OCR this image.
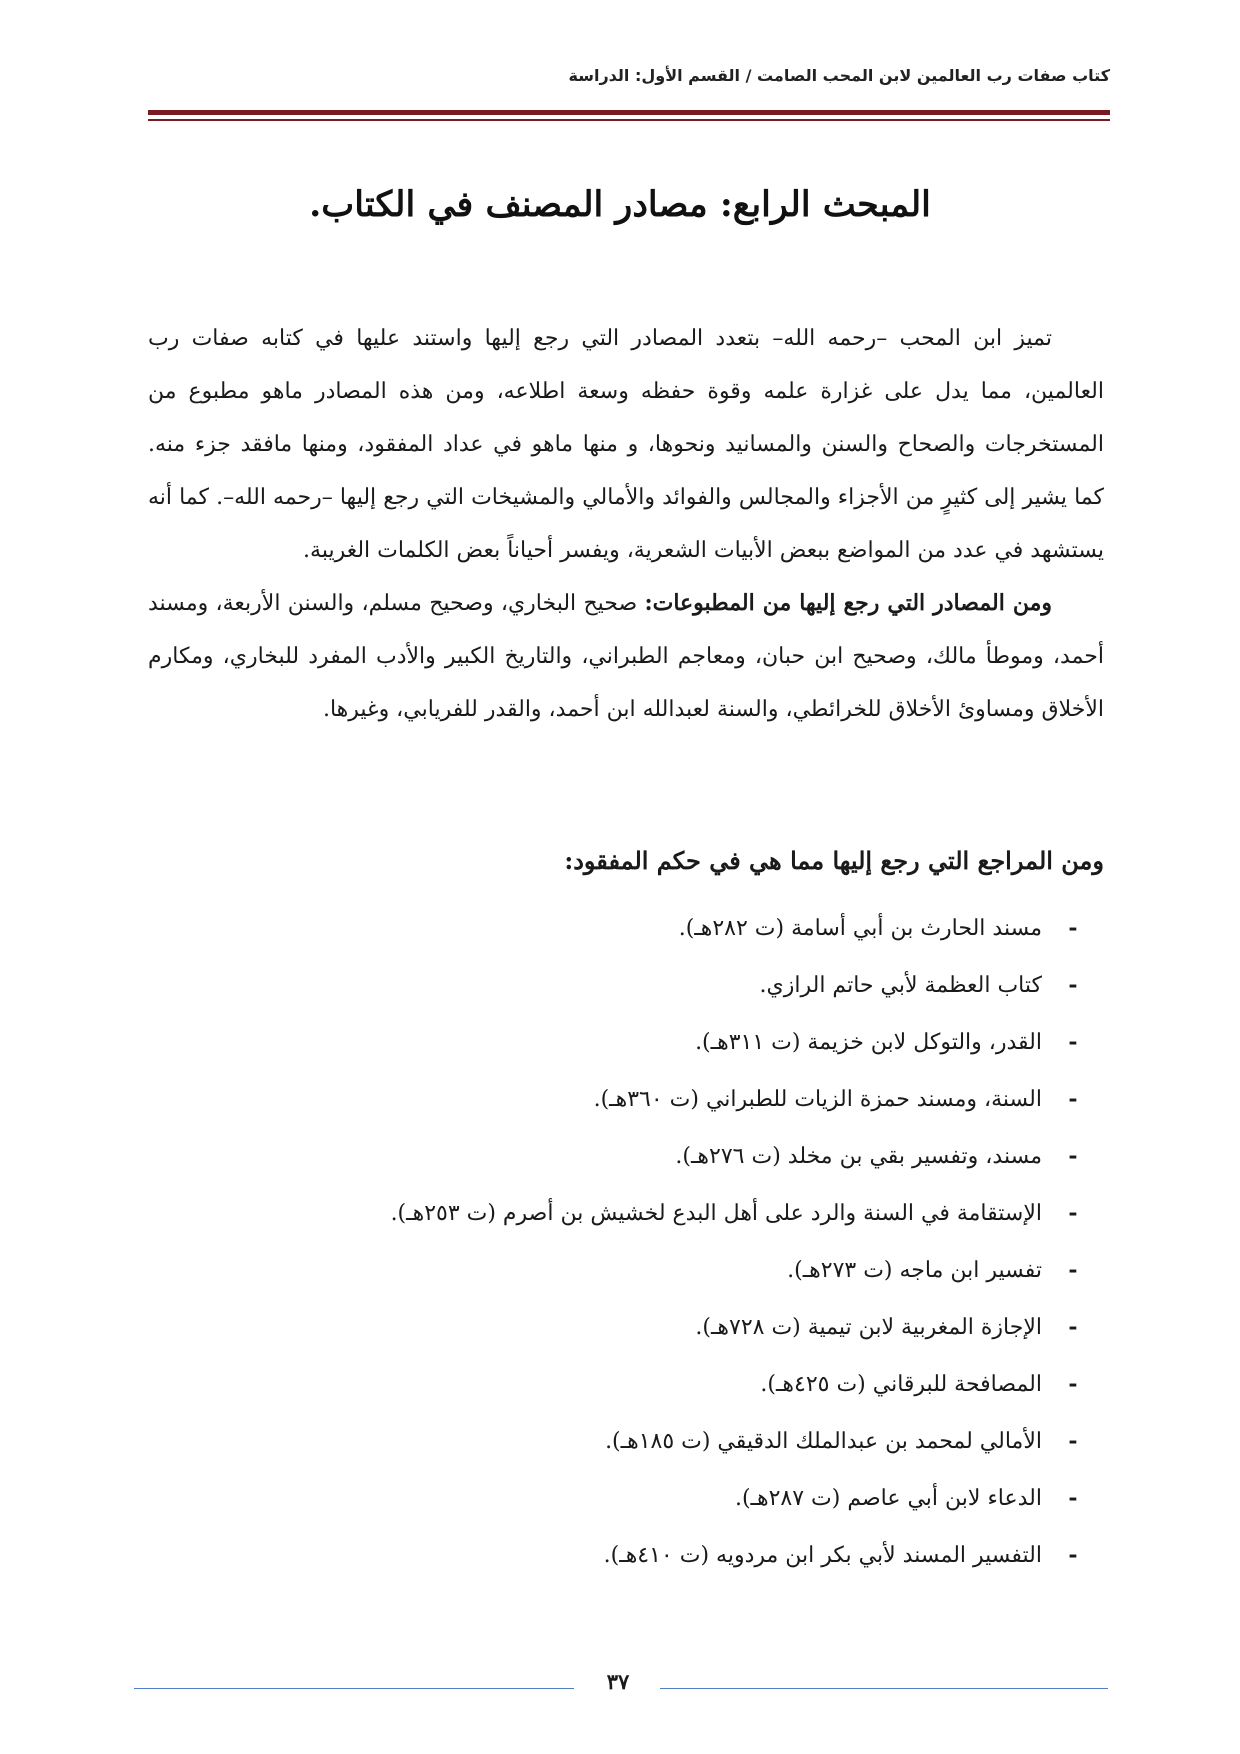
كتاب صفات رب العالمين لابن المحب الصامت / القسم الأول: الدراسة
المبحث الرابع: مصادر المصنف في الكتاب.

تميز ابن المحب –رحمه الله– بتعدد المصادر التي رجع إليها واستند عليها في كتابه صفات رب العالمين، مما يدل على غزارة علمه وقوة حفظه وسعة اطلاعه، ومن هذه المصادر ماهو مطبوع من المستخرجات والصحاح والسنن والمسانيد ونحوها، و منها ماهو في عداد المفقود، ومنها مافقد جزء منه. كما يشير إلى كثيرٍ من الأجزاء والمجالس والفوائد والأمالي والمشيخات التي رجع إليها –رحمه الله–. كما أنه يستشهد في عدد من المواضع ببعض الأبيات الشعرية، ويفسر أحياناً بعض الكلمات الغريبة.

ومن المصادر التي رجع إليها من المطبوعات: صحيح البخاري، وصحيح مسلم، والسنن الأربعة، ومسند أحمد، وموطأ مالك، وصحيح ابن حبان، ومعاجم الطبراني، والتاريخ الكبير والأدب المفرد للبخاري، ومكارم الأخلاق ومساوئ الأخلاق للخرائطي، والسنة لعبدالله ابن أحمد، والقدر للفريابي، وغيرها.

ومن المراجع التي رجع إليها مما هي في حكم المفقود:
-
مسند الحارث بن أبي أسامة (ت ٢٨٢هـ).
-
كتاب العظمة لأبي حاتم الرازي.
-
القدر، والتوكل لابن خزيمة (ت ٣١١هـ).
-
السنة، ومسند حمزة الزيات للطبراني (ت ٣٦٠هـ).
-
مسند، وتفسير بقي بن مخلد (ت ٢٧٦هـ).
-
الإستقامة في السنة والرد على أهل البدع لخشيش بن أصرم (ت ٢٥٣هـ).
-
تفسير ابن ماجه (ت ٢٧٣هـ).
-
الإجازة المغربية لابن تيمية (ت ٧٢٨هـ).
-
المصافحة للبرقاني (ت ٤٢٥هـ).
-
الأمالي لمحمد بن عبدالملك الدقيقي (ت ١٨٥هـ).
-
الدعاء لابن أبي عاصم (ت ٢٨٧هـ).
-
التفسير المسند لأبي بكر ابن مردويه (ت ٤١٠هـ).
٣٧
